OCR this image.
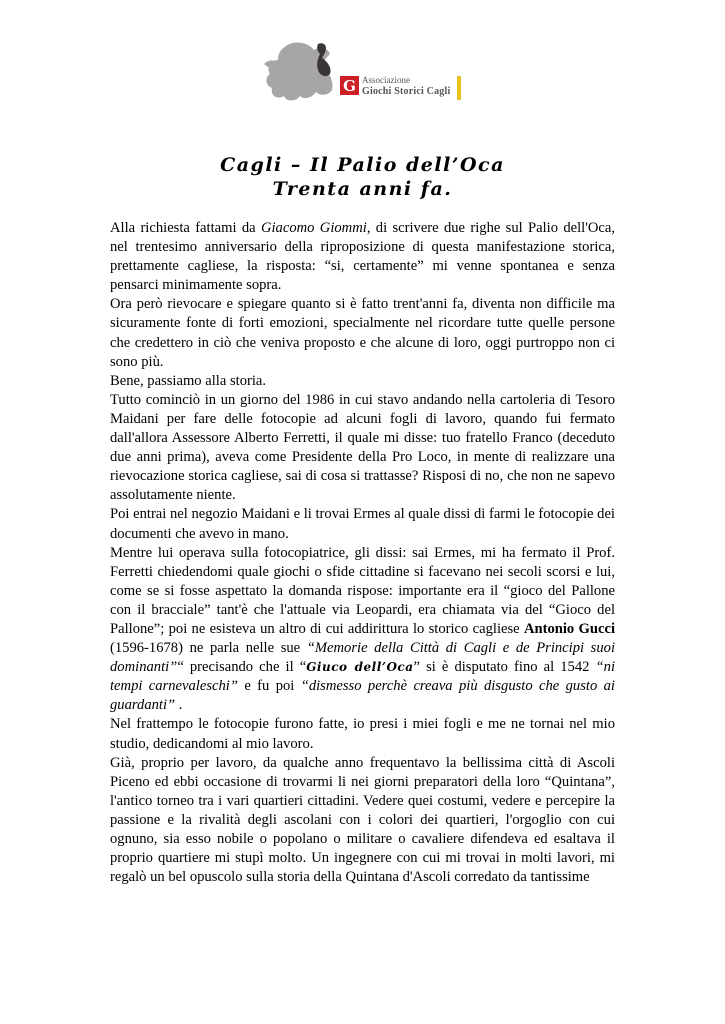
G Associazione
Giochi Storici Cagli
Cagli – Il Palio dell’Oca
Trenta anni fa.

Alla richiesta fattami da Giacomo Giommi, di scrivere due righe sul Palio dell'Oca, nel trentesimo anniversario della riproposizione di questa manifestazione storica, prettamente cagliese, la risposta: “si, certamente” mi venne spontanea e senza pensarci minimamente sopra.

Ora però rievocare e spiegare quanto si è fatto trent'anni fa, diventa non difficile ma sicuramente fonte di forti emozioni, specialmente nel ricordare tutte quelle persone che credettero in ciò che veniva proposto e che alcune di loro, oggi purtroppo non ci sono più.

Bene, passiamo alla storia.

Tutto cominciò in un giorno del 1986 in cui stavo andando nella cartoleria di Tesoro Maidani per fare delle fotocopie ad alcuni fogli di lavoro, quando fui fermato dall'allora Assessore Alberto Ferretti, il quale mi disse: tuo fratello Franco (deceduto due anni prima), aveva come Presidente della Pro Loco, in mente di realizzare una rievocazione storica cagliese, sai di cosa si trattasse? Risposi di no, che non ne sapevo assolutamente niente.

Poi entrai nel negozio Maidani e li trovai Ermes al quale dissi di farmi le fotocopie dei documenti che avevo in mano.

Mentre lui operava sulla fotocopiatrice, gli dissi: sai Ermes, mi ha fermato il Prof. Ferretti chiedendomi quale giochi o sfide cittadine si facevano nei secoli scorsi e lui, come se si fosse aspettato la domanda rispose: importante era il “gioco del Pallone con il bracciale” tant'è che l'attuale via Leopardi, era chiamata via del “Gioco del Pallone”; poi ne esisteva un altro di cui addirittura lo storico cagliese Antonio Gucci (1596-1678) ne parla nelle sue “Memorie della Città di Cagli e de Principi suoi dominanti”“ precisando che il “Giuco dell’Oca” si è disputato fino al 1542 “ni tempi carnevaleschi” e fu poi “dismesso perchè creava più disgusto che gusto ai guardanti” .

Nel frattempo le fotocopie furono fatte, io presi i miei fogli e me ne tornai nel mio studio, dedicandomi al mio lavoro.

Già, proprio per lavoro, da qualche anno frequentavo la bellissima città di Ascoli Piceno ed ebbi occasione di trovarmi li nei giorni preparatori della loro “Quintana”, l'antico torneo tra i vari quartieri cittadini. Vedere quei costumi, vedere e percepire la passione e la rivalità degli ascolani con i colori dei quartieri, l'orgoglio con cui ognuno, sia esso nobile o popolano o militare o cavaliere difendeva ed esaltava il proprio quartiere mi stupì molto. Un ingegnere con cui mi trovai in molti lavori, mi regalò un bel opuscolo sulla storia della Quintana d'Ascoli corredato da tantissime
